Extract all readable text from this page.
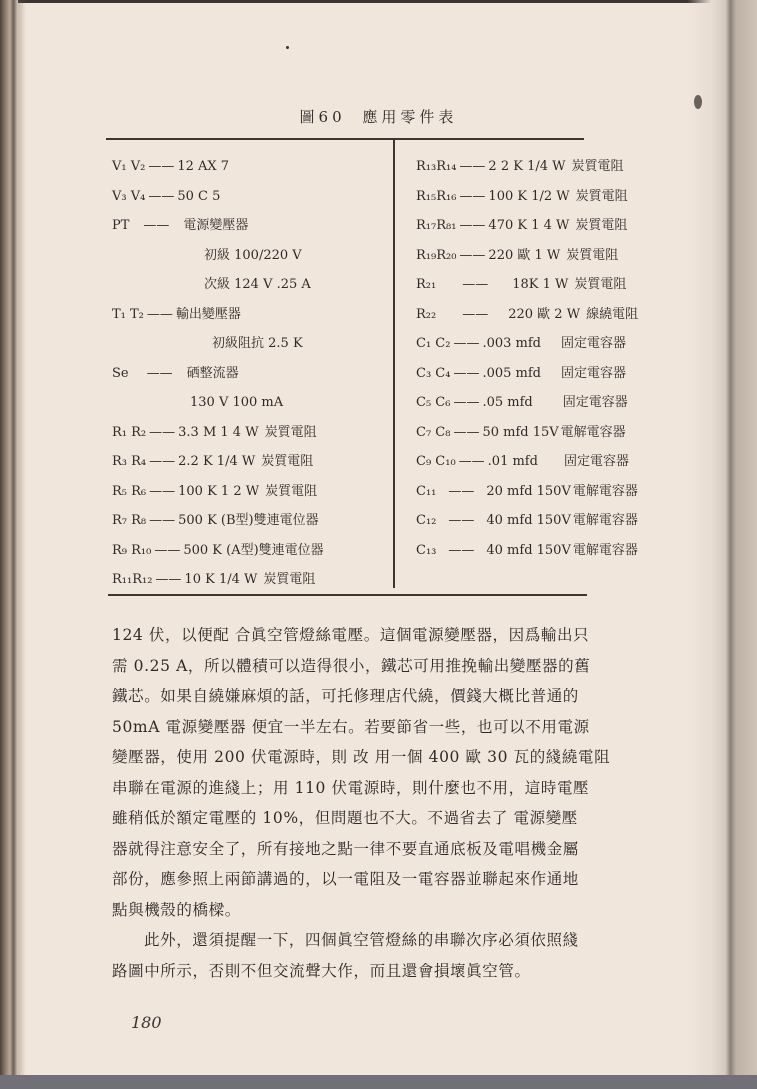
圖60 應用零件表
V₁ V₂ ——12 AX 7
V₃ V₄ —— 50 C 5
PT —— 電源變壓器
初級 100/220 V
次級 124 V .25 A
T₁ T₂ —— 輸出變壓器
初級阻抗 2.5 K
Se —— 硒整流器
130 V 100 mA
R₁ R₂ —— 3.3 M 1 4 W 炭質電阻
R₃ R₄ —— 2.2 K 1/4 W 炭質電阻
R₅ R₆ —— 100 K 1 2 W 炭質電阻
R₇ R₈ —— 500 K (B型)雙連電位器
R₉ R₁₀ —— 500 K (A型)雙連電位器
R₁₁R₁₂ —— 10 K 1/4 W 炭質電阻
R₁₃R₁₄ —— 2 2 K 1/4 W 炭質電阻
R₁₅R₁₆ —— 100 K 1/2 W 炭質電阻
R₁₇R₈₁ —— 470 K 1 4 W 炭質電阻
R₁₉R₂₀ —— 220 歐 1 W 炭質電阻
R₂₁ —— 18K 1 W 炭質電阻
R₂₂ —— 220 歐 2 W 線繞電阻
C₁ C₂ —— .003 mfd 固定電容器
C₃ C₄ —— .005 mfd 固定電容器
C₅ C₆ —— .05 mfd 固定電容器
C₇ C₈ —— 50 mfd 15V 電解電容器
C₉ C₁₀ —— .01 mfd 固定電容器
C₁₁ —— 20 mfd 150V 電解電容器
C₁₂ —— 40 mfd 150V 電解電容器
C₁₃ —— 40 mfd 150V 電解電容器

124 伏，以便配 合眞空管燈絲電壓。這個電源變壓器，因爲輸出只
需 0.25 A，所以體積可以造得很小，鐵芯可用推挽輸出變壓器的舊
鐵芯。如果自繞嫌麻煩的話，可托修理店代繞，價錢大概比普通的
50mA 電源變壓器 便宜一半左右。若要節省一些，也可以不用電源
變壓器，使用 200 伏電源時，則 改 用一個 400 歐 30 瓦的綫繞電阻
串聯在電源的進綫上；用 110 伏電源時，則什麼也不用，這時電壓
雖稍低於額定電壓的 10%，但問題也不大。不過省去了 電源變壓
器就得注意安全了，所有接地之點一律不要直通底板及電唱機金屬
部份，應參照上兩節講過的，以一電阻及一電容器並聯起來作通地
點與機殼的橋樑。

此外，還須提醒一下，四個眞空管燈絲的串聯次序必須依照綫
路圖中所示，否則不但交流聲大作，而且還會損壞眞空管。

180
